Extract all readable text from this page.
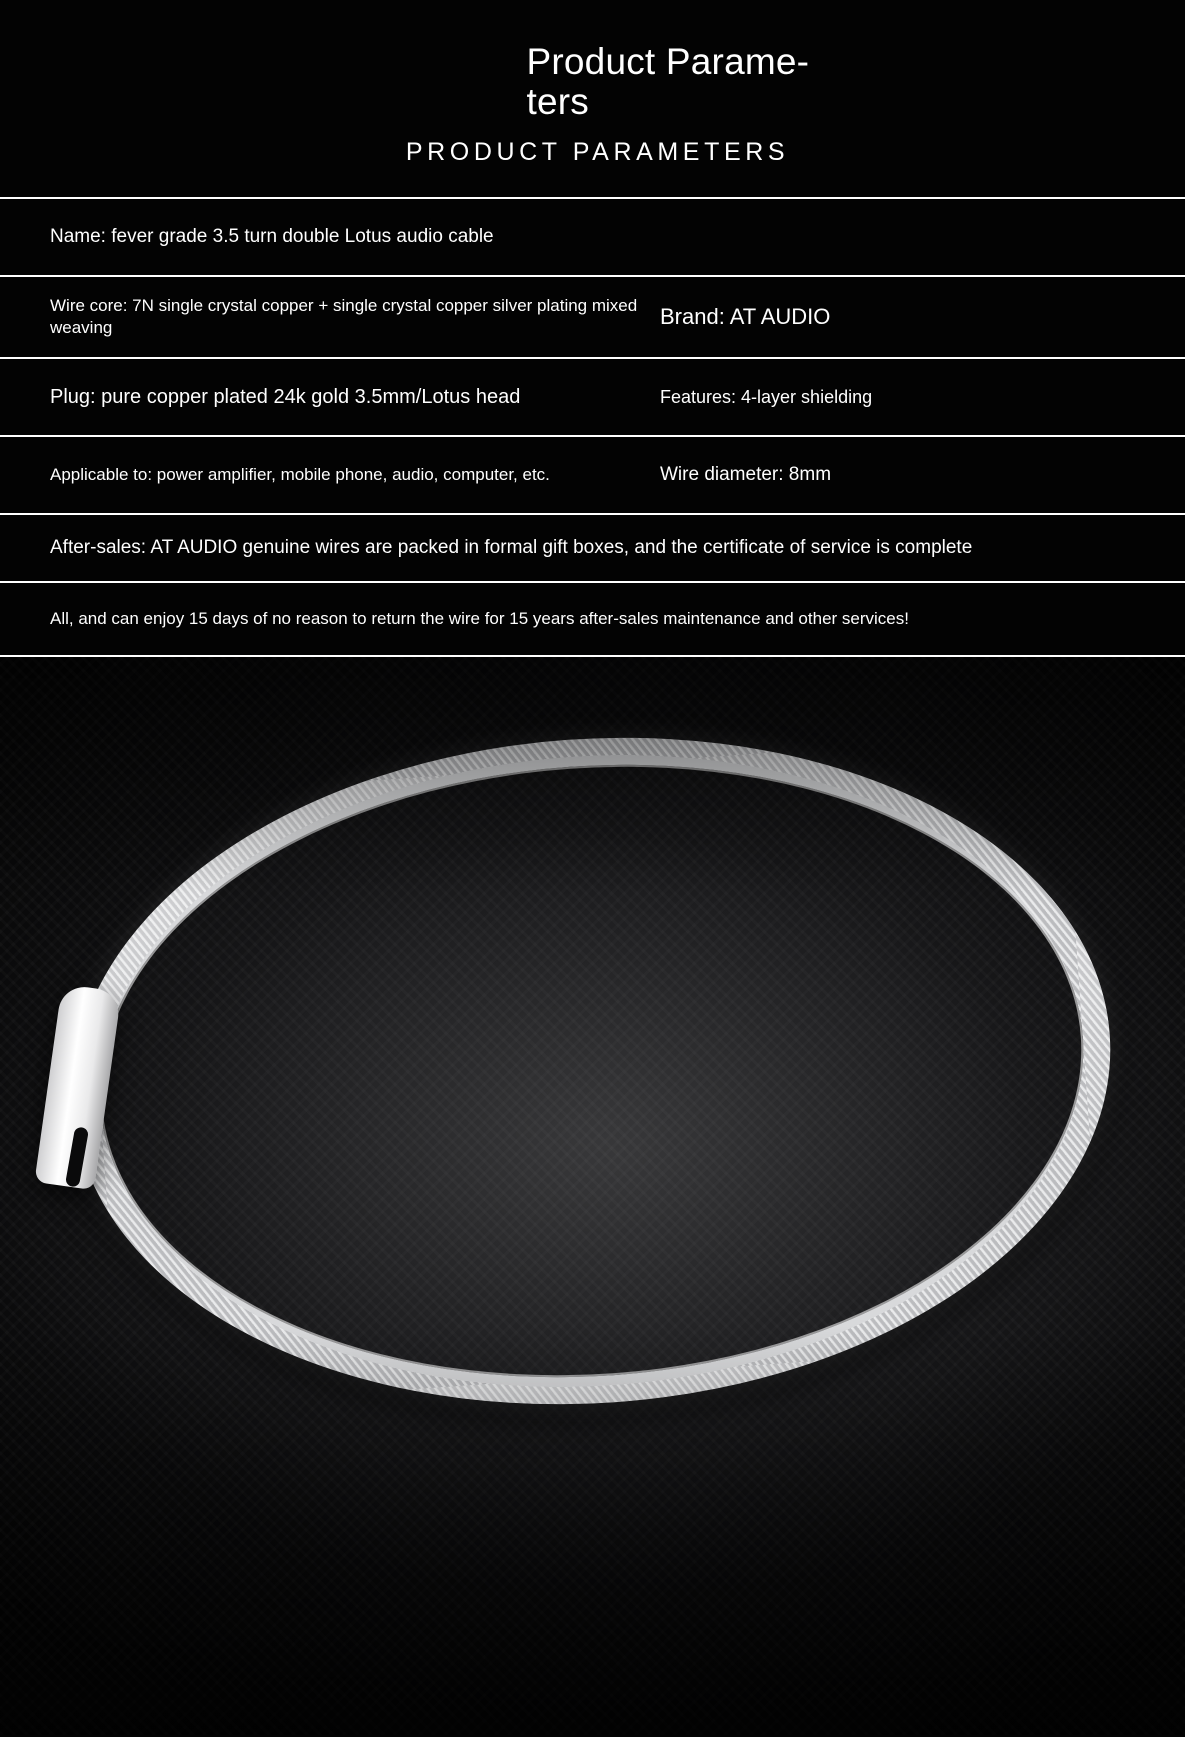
Product Parame- ters
PRODUCT PARAMETERS
Name: fever grade 3.5 turn double Lotus audio cable
Wire core: 7N single crystal copper + single crystal copper silver plating mixed weaving	Brand: AT AUDIO
Plug: pure copper plated 24k gold 3.5mm/Lotus head	Features: 4-layer shielding
Applicable to: power amplifier, mobile phone, audio, computer, etc.	Wire diameter: 8mm
After-sales: AT AUDIO genuine wires are packed in formal gift boxes, and the certificate of service is complete
All, and can enjoy 15 days of no reason to return the wire for 15 years after-sales maintenance and other services!
